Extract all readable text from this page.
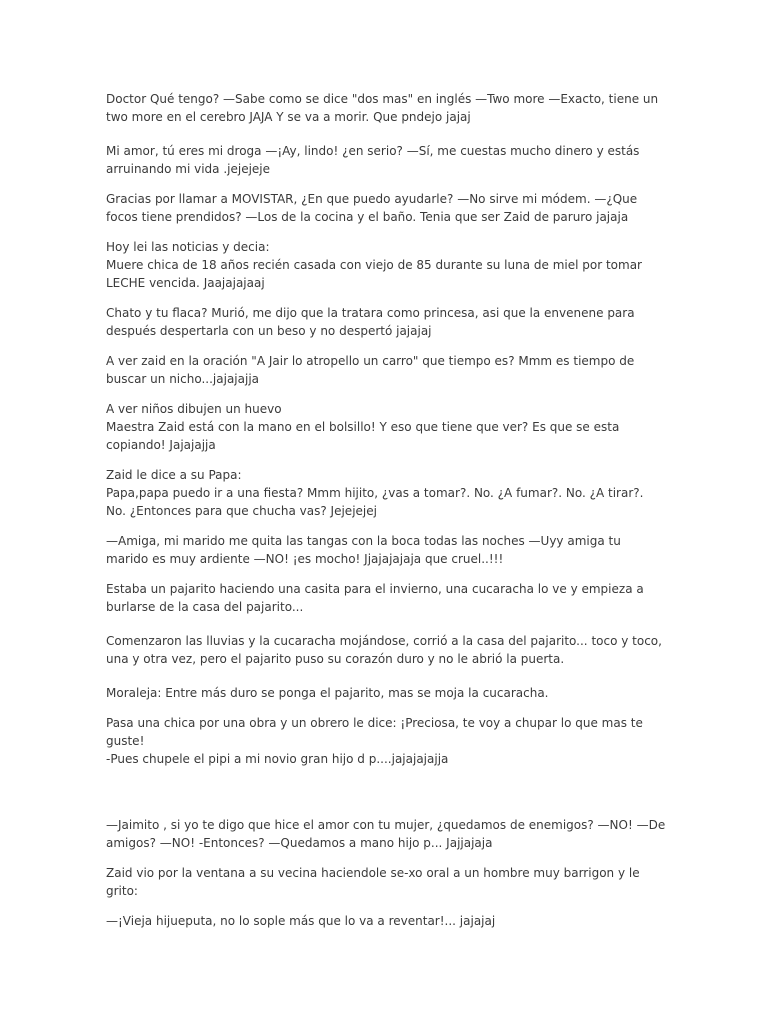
Doctor Qué tengo? —Sabe como se dice "dos mas" en inglés —Two more —Exacto, tiene un two more en el cerebro JAJA Y se va a morir. Que pndejo jajaj

Mi amor, tú eres mi droga —¡Ay, lindo! ¿en serio? —Sí, me cuestas mucho dinero y estás arruinando mi vida .jejejeje

Gracias por llamar a MOVISTAR, ¿En que puedo ayudarle? —No sirve mi módem. —¿Que focos tiene prendidos? —Los de la cocina y el baño. Tenia que ser Zaid de paruro jajaja

Hoy lei las noticias y decia:
Muere chica de 18 años recién casada con viejo de 85 durante su luna de miel por tomar LECHE vencida. Jaajajajaaj

Chato y tu flaca? Murió, me dijo que la tratara como princesa, asi que la envenene para después despertarla con un beso y no despertó jajajaj

A ver zaid en la oración "A Jair lo atropello un carro" que tiempo es? Mmm es tiempo de buscar un nicho...jajajajja

A ver niños dibujen un huevo
Maestra Zaid está con la mano en el bolsillo! Y eso que tiene que ver? Es que se esta copiando! Jajajajja

Zaid le dice a su Papa:
Papa,papa puedo ir a una fiesta? Mmm hijito, ¿vas a tomar?. No. ¿A fumar?. No. ¿A tirar?. No. ¿Entonces para que chucha vas? Jejejejej

—Amiga, mi marido me quita las tangas con la boca todas las noches —Uyy amiga tu marido es muy ardiente —NO! ¡es mocho! Jjajajajaja que cruel..!!!

Estaba un pajarito haciendo una casita para el invierno, una cucaracha lo ve y empieza a burlarse de la casa del pajarito...

Comenzaron las lluvias y la cucaracha mojándose, corrió a la casa del pajarito... toco y toco, una y otra vez, pero el pajarito puso su corazón duro y no le abrió la puerta.

Moraleja: Entre más duro se ponga el pajarito, mas se moja la cucaracha.

Pasa una chica por una obra y un obrero le dice: ¡Preciosa, te voy a chupar lo que mas te guste!
-Pues chupele el pipi a mi novio gran hijo d p....jajajajajja

—Jaimito , si yo te digo que hice el amor con tu mujer, ¿quedamos de enemigos? —NO! —De amigos? —NO! -Entonces? —Quedamos a mano hijo p... Jajjajaja

Zaid vio por la ventana a su vecina haciendole se-xo oral a un hombre muy barrigon y le grito:

—¡Vieja hijueputa, no lo sople más que lo va a reventar!... jajajaj
